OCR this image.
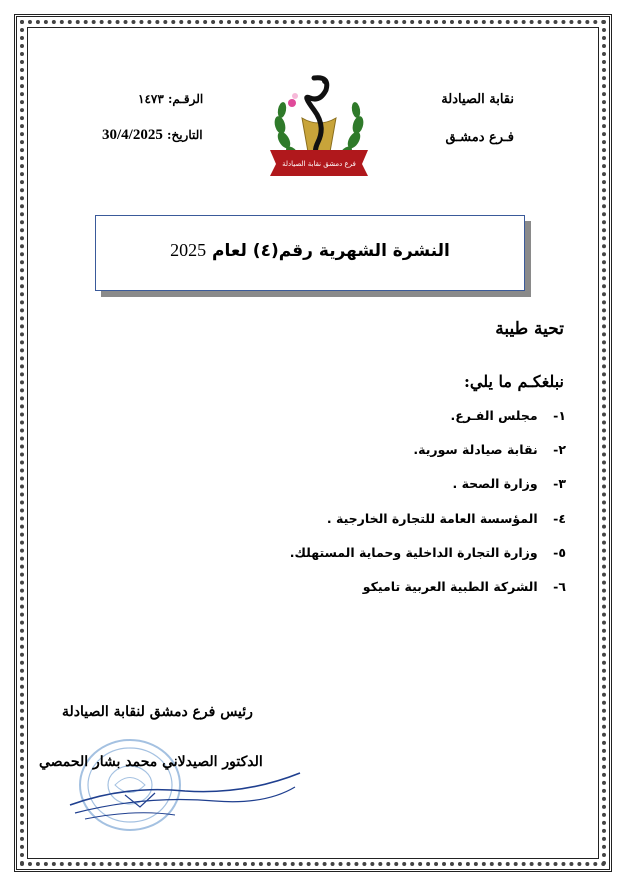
نقابة الصيادلة
فـرع دمشـق
الرقـم: ١٤٧٣
التاريخ: 30/4/2025
فرع دمشق نقابة الصيادلة
النشرة الشهرية رقم(٤) لعام 2025
تحية طيبة
نبلغكـم ما يلي:
١- مجلس الفـرع.
٢- نقابة صيادلة سورية.
٣- وزارة الصحة .
٤- المؤسسة العامة للتجارة الخارجية .
٥- وزارة التجارة الداخلية وحماية المستهلك.
٦- الشركة الطبية العربية تاميكو
رئيس فرع دمشق لنقابة الصيادلة
الدكتور الصيدلاني محمد بشار الحمصي
